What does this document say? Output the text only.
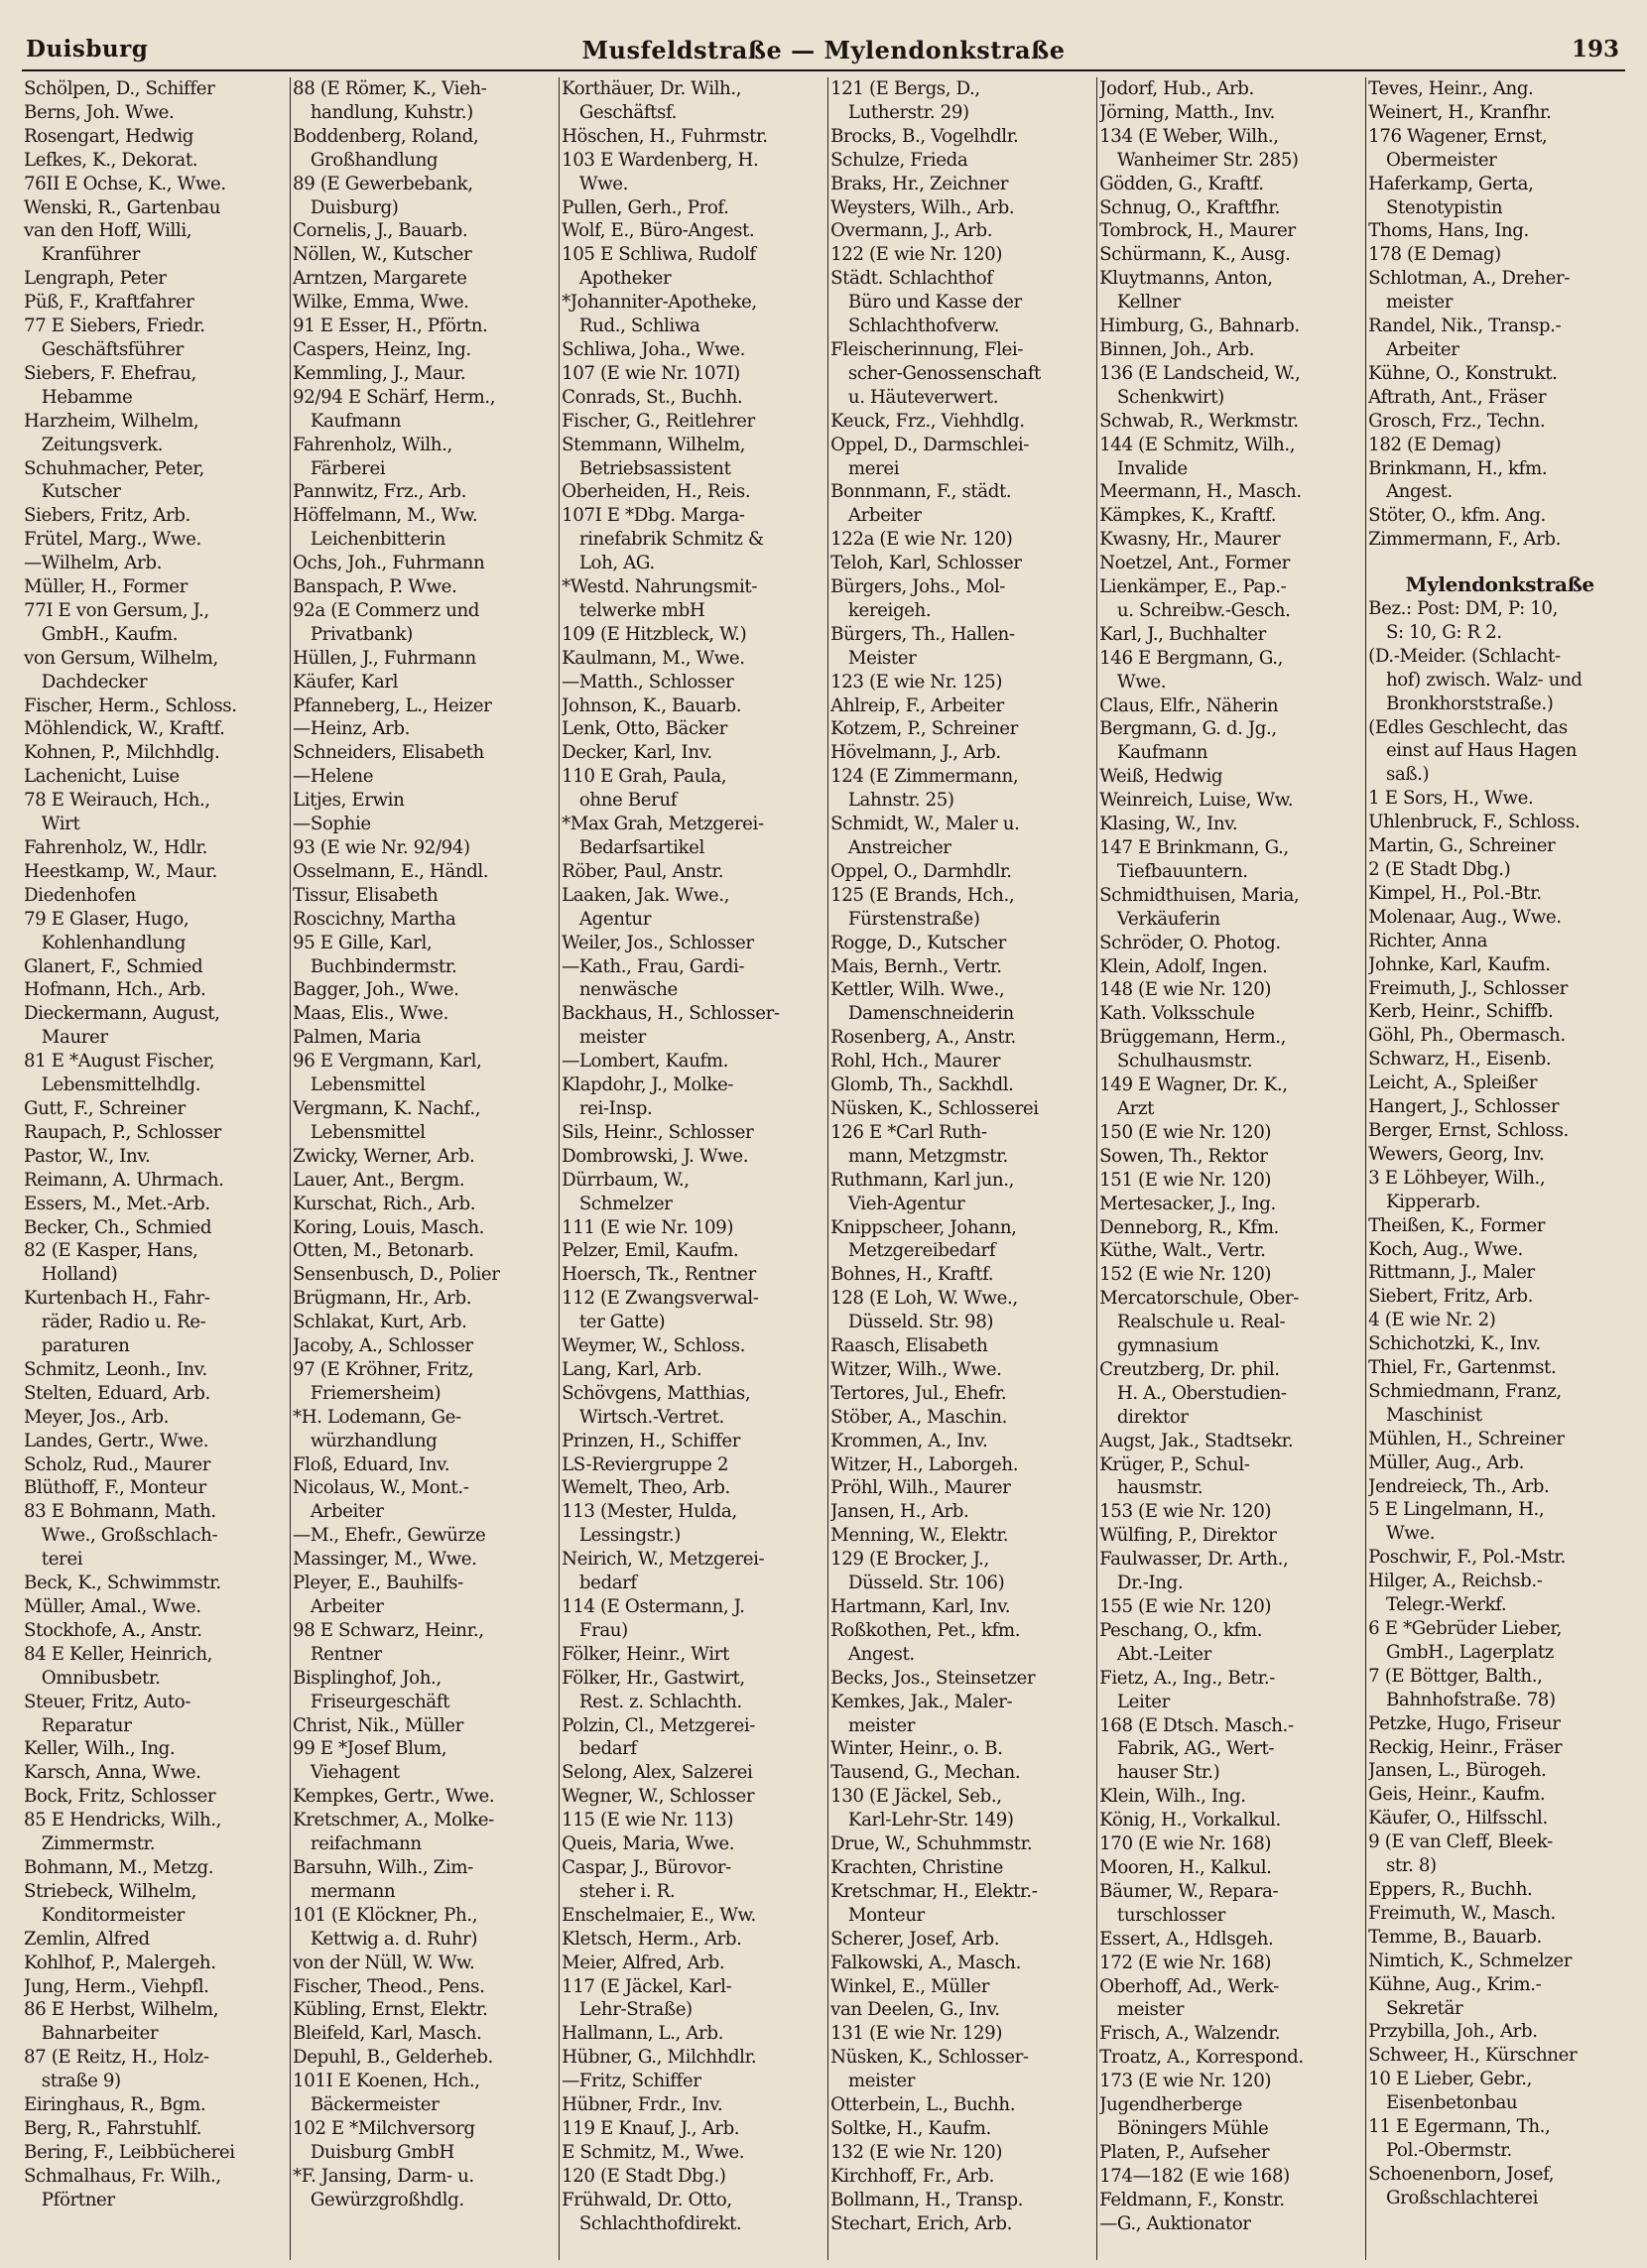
Duisburg	Musfeldstraße — Mylendonkstraße	193
Schölpen, D., Schiffer
Berns, Joh. Wwe.
Rosengart, Hedwig
Lefkes, K., Dekorat.
76II E Ochse, K., Wwe.
Wenski, R., Gartenbau
van den Hoff, Willi,
 Kranführer
Lengraph, Peter
Püß, F., Kraftfahrer
77 E Siebers, Friedr.
 Geschäftsführer
Siebers, F. Ehefrau,
 Hebamme
Harzheim, Wilhelm,
 Zeitungsverk.
Schuhmacher, Peter,
 Kutscher
Siebers, Fritz, Arb.
Frütel, Marg., Wwe.
—Wilhelm, Arb.
Müller, H., Former
77I E von Gersum, J.,
 GmbH., Kaufm.
von Gersum, Wilhelm,
 Dachdecker
Fischer, Herm., Schloss.
Möhlendick, W., Kraftf.
Kohnen, P., Milchhdlg.
Lachenicht, Luise
78 E Weirauch, Hch.,
 Wirt
Fahrenholz, W., Hdlr.
Heestkamp, W., Maur.
Diedenhofen
79 E Glaser, Hugo,
 Kohlenhandlung
Glanert, F., Schmied
Hofmann, Hch., Arb.
Dieckermann, August,
 Maurer
81 E *August Fischer,
 Lebensmittelhdlg.
Gutt, F., Schreiner
Raupach, P., Schlosser
Pastor, W., Inv.
Reimann, A. Uhrmach.
Essers, M., Met.-Arb.
Becker, Ch., Schmied
82 (E Kasper, Hans,
 Holland)
Kurtenbach H., Fahr-
 räder, Radio u. Re-
 paraturen
Schmitz, Leonh., Inv.
Stelten, Eduard, Arb.
Meyer, Jos., Arb.
Landes, Gertr., Wwe.
Scholz, Rud., Maurer
Blüthoff, F., Monteur
83 E Bohmann, Math.
 Wwe., Großschlach-
 terei
Beck, K., Schwimmstr.
Müller, Amal., Wwe.
Stockhofe, A., Anstr.
84 E Keller, Heinrich,
 Omnibusbetr.
Steuer, Fritz, Auto-
 Reparatur
Keller, Wilh., Ing.
Karsch, Anna, Wwe.
Bock, Fritz, Schlosser
85 E Hendricks, Wilh.,
 Zimmermstr.
Bohmann, M., Metzg.
Striebeck, Wilhelm,
 Konditormeister
Zemlin, Alfred
Kohlhof, P., Malergeh.
Jung, Herm., Viehpfl.
86 E Herbst, Wilhelm,
 Bahnarbeiter
87 (E Reitz, H., Holz-
 straße 9)
Eiringhaus, R., Bgm.
Berg, R., Fahrstuhlf.
Bering, F., Leibbücherei
Schmalhaus, Fr. Wilh.,
 Pförtner
88 (E Römer, K., Vieh-
 handlung, Kuhstr.)
Boddenberg, Roland,
 Großhandlung
89 (E Gewerbebank,
 Duisburg)
Cornelis, J., Bauarb.
Nöllen, W., Kutscher
Arntzen, Margarete
Wilke, Emma, Wwe.
91 E Esser, H., Pförtn.
Caspers, Heinz, Ing.
Kemmling, J., Maur.
92/94 E Schärf, Herm.,
 Kaufmann
Fahrenholz, Wilh.,
 Färberei
Pannwitz, Frz., Arb.
Höffelmann, M., Ww.
 Leichenbitterin
Ochs, Joh., Fuhrmann
Banspach, P. Wwe.
92a (E Commerz und
 Privatbank)
Hüllen, J., Fuhrmann
Käufer, Karl
Pfanneberg, L., Heizer
—Heinz, Arb.
Schneiders, Elisabeth
—Helene
Litjes, Erwin
—Sophie
93 (E wie Nr. 92/94)
Osselmann, E., Händl.
Tissur, Elisabeth
Roscichny, Martha
95 E Gille, Karl,
 Buchbindermstr.
Bagger, Joh., Wwe.
Maas, Elis., Wwe.
Palmen, Maria
96 E Vergmann, Karl,
 Lebensmittel
Vergmann, K. Nachf.,
 Lebensmittel
Zwicky, Werner, Arb.
Lauer, Ant., Bergm.
Kurschat, Rich., Arb.
Koring, Louis, Masch.
Otten, M., Betonarb.
Sensenbusch, D., Polier
Brügmann, Hr., Arb.
Schlakat, Kurt, Arb.
Jacoby, A., Schlosser
97 (E Kröhner, Fritz,
 Friemersheim)
*H. Lodemann, Ge-
 würzhandlung
Floß, Eduard, Inv.
Nicolaus, W., Mont.-
 Arbeiter
—M., Ehefr., Gewürze
Massinger, M., Wwe.
Pleyer, E., Bauhilfs-
 Arbeiter
98 E Schwarz, Heinr.,
 Rentner
Bisplinghof, Joh.,
 Friseurgeschäft
Christ, Nik., Müller
99 E *Josef Blum,
 Viehagent
Kempkes, Gertr., Wwe.
Kretschmer, A., Molke-
 reifachmann
Barsuhn, Wilh., Zim-
 mermann
101 (E Klöckner, Ph.,
 Kettwig a. d. Ruhr)
von der Nüll, W. Ww.
Fischer, Theod., Pens.
Kübling, Ernst, Elektr.
Bleifeld, Karl, Masch.
Depuhl, B., Gelderheb.
101I E Koenen, Hch.,
 Bäckermeister
102 E *Milchversorg
 Duisburg GmbH
*F. Jansing, Darm- u.
 Gewürzgroßhdlg.
Korthäuer, Dr. Wilh.,
 Geschäftsf.
Höschen, H., Fuhrmstr.
103 E Wardenberg, H.
 Wwe.
Pullen, Gerh., Prof.
Wolf, E., Büro-Angest.
105 E Schliwa, Rudolf
 Apotheker
*Johanniter-Apotheke,
 Rud., Schliwa
Schliwa, Joha., Wwe.
107 (E wie Nr. 107I)
Conrads, St., Buchh.
Fischer, G., Reitlehrer
Stemmann, Wilhelm,
 Betriebsassistent
Oberheiden, H., Reis.
107I E *Dbg. Marga-
 rinefabrik Schmitz &
 Loh, AG.
*Westd. Nahrungsmit-
 telwerke mbH
109 (E Hitzbleck, W.)
Kaulmann, M., Wwe.
—Matth., Schlosser
Johnson, K., Bauarb.
Lenk, Otto, Bäcker
Decker, Karl, Inv.
110 E Grah, Paula,
 ohne Beruf
*Max Grah, Metzgerei-
 Bedarfsartikel
Röber, Paul, Anstr.
Laaken, Jak. Wwe.,
 Agentur
Weiler, Jos., Schlosser
—Kath., Frau, Gardi-
 nenwäsche
Backhaus, H., Schlosser-
 meister
—Lombert, Kaufm.
Klapdohr, J., Molke-
 rei-Insp.
Sils, Heinr., Schlosser
Dombrowski, J. Wwe.
Dürrbaum, W.,
 Schmelzer
111 (E wie Nr. 109)
Pelzer, Emil, Kaufm.
Hoersch, Tk., Rentner
112 (E Zwangsverwal-
 ter Gatte)
Weymer, W., Schloss.
Lang, Karl, Arb.
Schövgens, Matthias,
 Wirtsch.-Vertret.
Prinzen, H., Schiffer
LS-Reviergruppe 2
Wemelt, Theo, Arb.
113 (Mester, Hulda,
 Lessingstr.)
Neirich, W., Metzgerei-
 bedarf
114 (E Ostermann, J.
 Frau)
Fölker, Heinr., Wirt
Fölker, Hr., Gastwirt,
 Rest. z. Schlachth.
Polzin, Cl., Metzgerei-
 bedarf
Selong, Alex, Salzerei
Wegner, W., Schlosser
115 (E wie Nr. 113)
Queis, Maria, Wwe.
Caspar, J., Bürovor-
 steher i. R.
Enschelmaier, E., Ww.
Kletsch, Herm., Arb.
Meier, Alfred, Arb.
117 (E Jäckel, Karl-
 Lehr-Straße)
Hallmann, L., Arb.
Hübner, G., Milchhdlr.
—Fritz, Schiffer
Hübner, Frdr., Inv.
119 E Knauf, J., Arb.
E Schmitz, M., Wwe.
120 (E Stadt Dbg.)
Frühwald, Dr. Otto,
 Schlachthofdirekt.
121 (E Bergs, D.,
 Lutherstr. 29)
Brocks, B., Vogelhdlr.
Schulze, Frieda
Braks, Hr., Zeichner
Weysters, Wilh., Arb.
Overmann, J., Arb.
122 (E wie Nr. 120)
Städt. Schlachthof
 Büro und Kasse der
 Schlachthofverw.
Fleischerinnung, Flei-
 scher-Genossenschaft
 u. Häuteverwert.
Keuck, Frz., Viehhdlg.
Oppel, D., Darmschlei-
 merei
Bonnmann, F., städt.
 Arbeiter
122a (E wie Nr. 120)
Teloh, Karl, Schlosser
Bürgers, Johs., Mol-
 kereigeh.
Bürgers, Th., Hallen-
 Meister
123 (E wie Nr. 125)
Ahlreip, F., Arbeiter
Kotzem, P., Schreiner
Hövelmann, J., Arb.
124 (E Zimmermann,
 Lahnstr. 25)
Schmidt, W., Maler u.
 Anstreicher
Oppel, O., Darmhdlr.
125 (E Brands, Hch.,
 Fürstenstraße)
Rogge, D., Kutscher
Mais, Bernh., Vertr.
Kettler, Wilh. Wwe.,
 Damenschneiderin
Rosenberg, A., Anstr.
Rohl, Hch., Maurer
Glomb, Th., Sackhdl.
Nüsken, K., Schlosserei
126 E *Carl Ruth-
 mann, Metzgmstr.
Ruthmann, Karl jun.,
 Vieh-Agentur
Knippscheer, Johann,
 Metzgereibedarf
Bohnes, H., Kraftf.
128 (E Loh, W. Wwe.,
 Düsseld. Str. 98)
Raasch, Elisabeth
Witzer, Wilh., Wwe.
Tertores, Jul., Ehefr.
Stöber, A., Maschin.
Krommen, A., Inv.
Witzer, H., Laborgeh.
Pröhl, Wilh., Maurer
Jansen, H., Arb.
Menning, W., Elektr.
129 (E Brocker, J.,
 Düsseld. Str. 106)
Hartmann, Karl, Inv.
Roßkothen, Pet., kfm.
 Angest.
Becks, Jos., Steinsetzer
Kemkes, Jak., Maler-
 meister
Winter, Heinr., o. B.
Tausend, G., Mechan.
130 (E Jäckel, Seb.,
 Karl-Lehr-Str. 149)
Drue, W., Schuhmmstr.
Krachten, Christine
Kretschmar, H., Elektr.-
 Monteur
Scherer, Josef, Arb.
Falkowski, A., Masch.
Winkel, E., Müller
van Deelen, G., Inv.
131 (E wie Nr. 129)
Nüsken, K., Schlosser-
 meister
Otterbein, L., Buchh.
Soltke, H., Kaufm.
132 (E wie Nr. 120)
Kirchhoff, Fr., Arb.
Bollmann, H., Transp.
Stechart, Erich, Arb.
Jodorf, Hub., Arb.
Jörning, Matth., Inv.
134 (E Weber, Wilh.,
 Wanheimer Str. 285)
Gödden, G., Kraftf.
Schnug, O., Kraftfhr.
Tombrock, H., Maurer
Schürmann, K., Ausg.
Kluytmanns, Anton,
 Kellner
Himburg, G., Bahnarb.
Binnen, Joh., Arb.
136 (E Landscheid, W.,
 Schenkwirt)
Schwab, R., Werkmstr.
144 (E Schmitz, Wilh.,
 Invalide
Meermann, H., Masch.
Kämpkes, K., Kraftf.
Kwasny, Hr., Maurer
Noetzel, Ant., Former
Lienkämper, E., Pap.-
 u. Schreibw.-Gesch.
Karl, J., Buchhalter
146 E Bergmann, G.,
 Wwe.
Claus, Elfr., Näherin
Bergmann, G. d. Jg.,
 Kaufmann
Weiß, Hedwig
Weinreich, Luise, Ww.
Klasing, W., Inv.
147 E Brinkmann, G.,
 Tiefbauuntern.
Schmidthuisen, Maria,
 Verkäuferin
Schröder, O. Photog.
Klein, Adolf, Ingen.
148 (E wie Nr. 120)
Kath. Volksschule
Brüggemann, Herm.,
 Schulhausmstr.
149 E Wagner, Dr. K.,
 Arzt
150 (E wie Nr. 120)
Sowen, Th., Rektor
151 (E wie Nr. 120)
Mertesacker, J., Ing.
Denneborg, R., Kfm.
Küthe, Walt., Vertr.
152 (E wie Nr. 120)
Mercatorschule, Ober-
 Realschule u. Real-
 gymnasium
Creutzberg, Dr. phil.
 H. A., Oberstudien-
 direktor
Augst, Jak., Stadtsekr.
Krüger, P., Schul-
 hausmstr.
153 (E wie Nr. 120)
Wülfing, P., Direktor
Faulwasser, Dr. Arth.,
 Dr.-Ing.
155 (E wie Nr. 120)
Peschang, O., kfm.
 Abt.-Leiter
Fietz, A., Ing., Betr.-
 Leiter
168 (E Dtsch. Masch.-
 Fabrik, AG., Wert-
 hauser Str.)
Klein, Wilh., Ing.
König, H., Vorkalkul.
170 (E wie Nr. 168)
Mooren, H., Kalkul.
Bäumer, W., Repara-
 turschlosser
Essert, A., Hdlsgeh.
172 (E wie Nr. 168)
Oberhoff, Ad., Werk-
 meister
Frisch, A., Walzendr.
Troatz, A., Korrespond.
173 (E wie Nr. 120)
Jugendherberge
 Böningers Mühle
Platen, P., Aufseher
174—182 (E wie 168)
Feldmann, F., Konstr.
—G., Auktionator
Teves, Heinr., Ang.
Weinert, H., Kranfhr.
176 Wagener, Ernst,
 Obermeister
Haferkamp, Gerta,
 Stenotypistin
Thoms, Hans, Ing.
178 (E Demag)
Schlotman, A., Dreher-
 meister
Randel, Nik., Transp.-
 Arbeiter
Kühne, O., Konstrukt.
Aftrath, Ant., Fräser
Grosch, Frz., Techn.
182 (E Demag)
Brinkmann, H., kfm.
 Angest.
Stöter, O., kfm. Ang.
Zimmermann, F., Arb.
Mylendonkstraße
Bez.: Post: DM, P: 10,
 S: 10, G: R 2.
(D.-Meider. (Schlacht-
 hof) zwisch. Walz- und
 Bronkhorststraße.)
(Edles Geschlecht, das
 einst auf Haus Hagen
 saß.)
1 E Sors, H., Wwe.
Uhlenbruck, F., Schloss.
Martin, G., Schreiner
2 (E Stadt Dbg.)
Kimpel, H., Pol.-Btr.
Molenaar, Aug., Wwe.
Richter, Anna
Johnke, Karl, Kaufm.
Freimuth, J., Schlosser
Kerb, Heinr., Schiffb.
Göhl, Ph., Obermasch.
Schwarz, H., Eisenb.
Leicht, A., Spleißer
Hangert, J., Schlosser
Berger, Ernst, Schloss.
Wewers, Georg, Inv.
3 E Löhbeyer, Wilh.,
 Kipperarb.
Theißen, K., Former
Koch, Aug., Wwe.
Rittmann, J., Maler
Siebert, Fritz, Arb.
4 (E wie Nr. 2)
Schichotzki, K., Inv.
Thiel, Fr., Gartenmst.
Schmiedmann, Franz,
 Maschinist
Mühlen, H., Schreiner
Müller, Aug., Arb.
Jendreieck, Th., Arb.
5 E Lingelmann, H.,
 Wwe.
Poschwir, F., Pol.-Mstr.
Hilger, A., Reichsb.-
 Telegr.-Werkf.
6 E *Gebrüder Lieber,
 GmbH., Lagerplatz
7 (E Böttger, Balth.,
 Bahnhofstraße. 78)
Petzke, Hugo, Friseur
Reckig, Heinr., Fräser
Jansen, L., Bürogeh.
Geis, Heinr., Kaufm.
Käufer, O., Hilfsschl.
9 (E van Cleff, Bleek-
 str. 8)
Eppers, R., Buchh.
Freimuth, W., Masch.
Temme, B., Bauarb.
Nimtich, K., Schmelzer
Kühne, Aug., Krim.-
 Sekretär
Przybilla, Joh., Arb.
Schweer, H., Kürschner
10 E Lieber, Gebr.,
 Eisenbetonbau
11 E Egermann, Th.,
 Pol.-Obermstr.
Schoenenborn, Josef,
 Großschlachterei
